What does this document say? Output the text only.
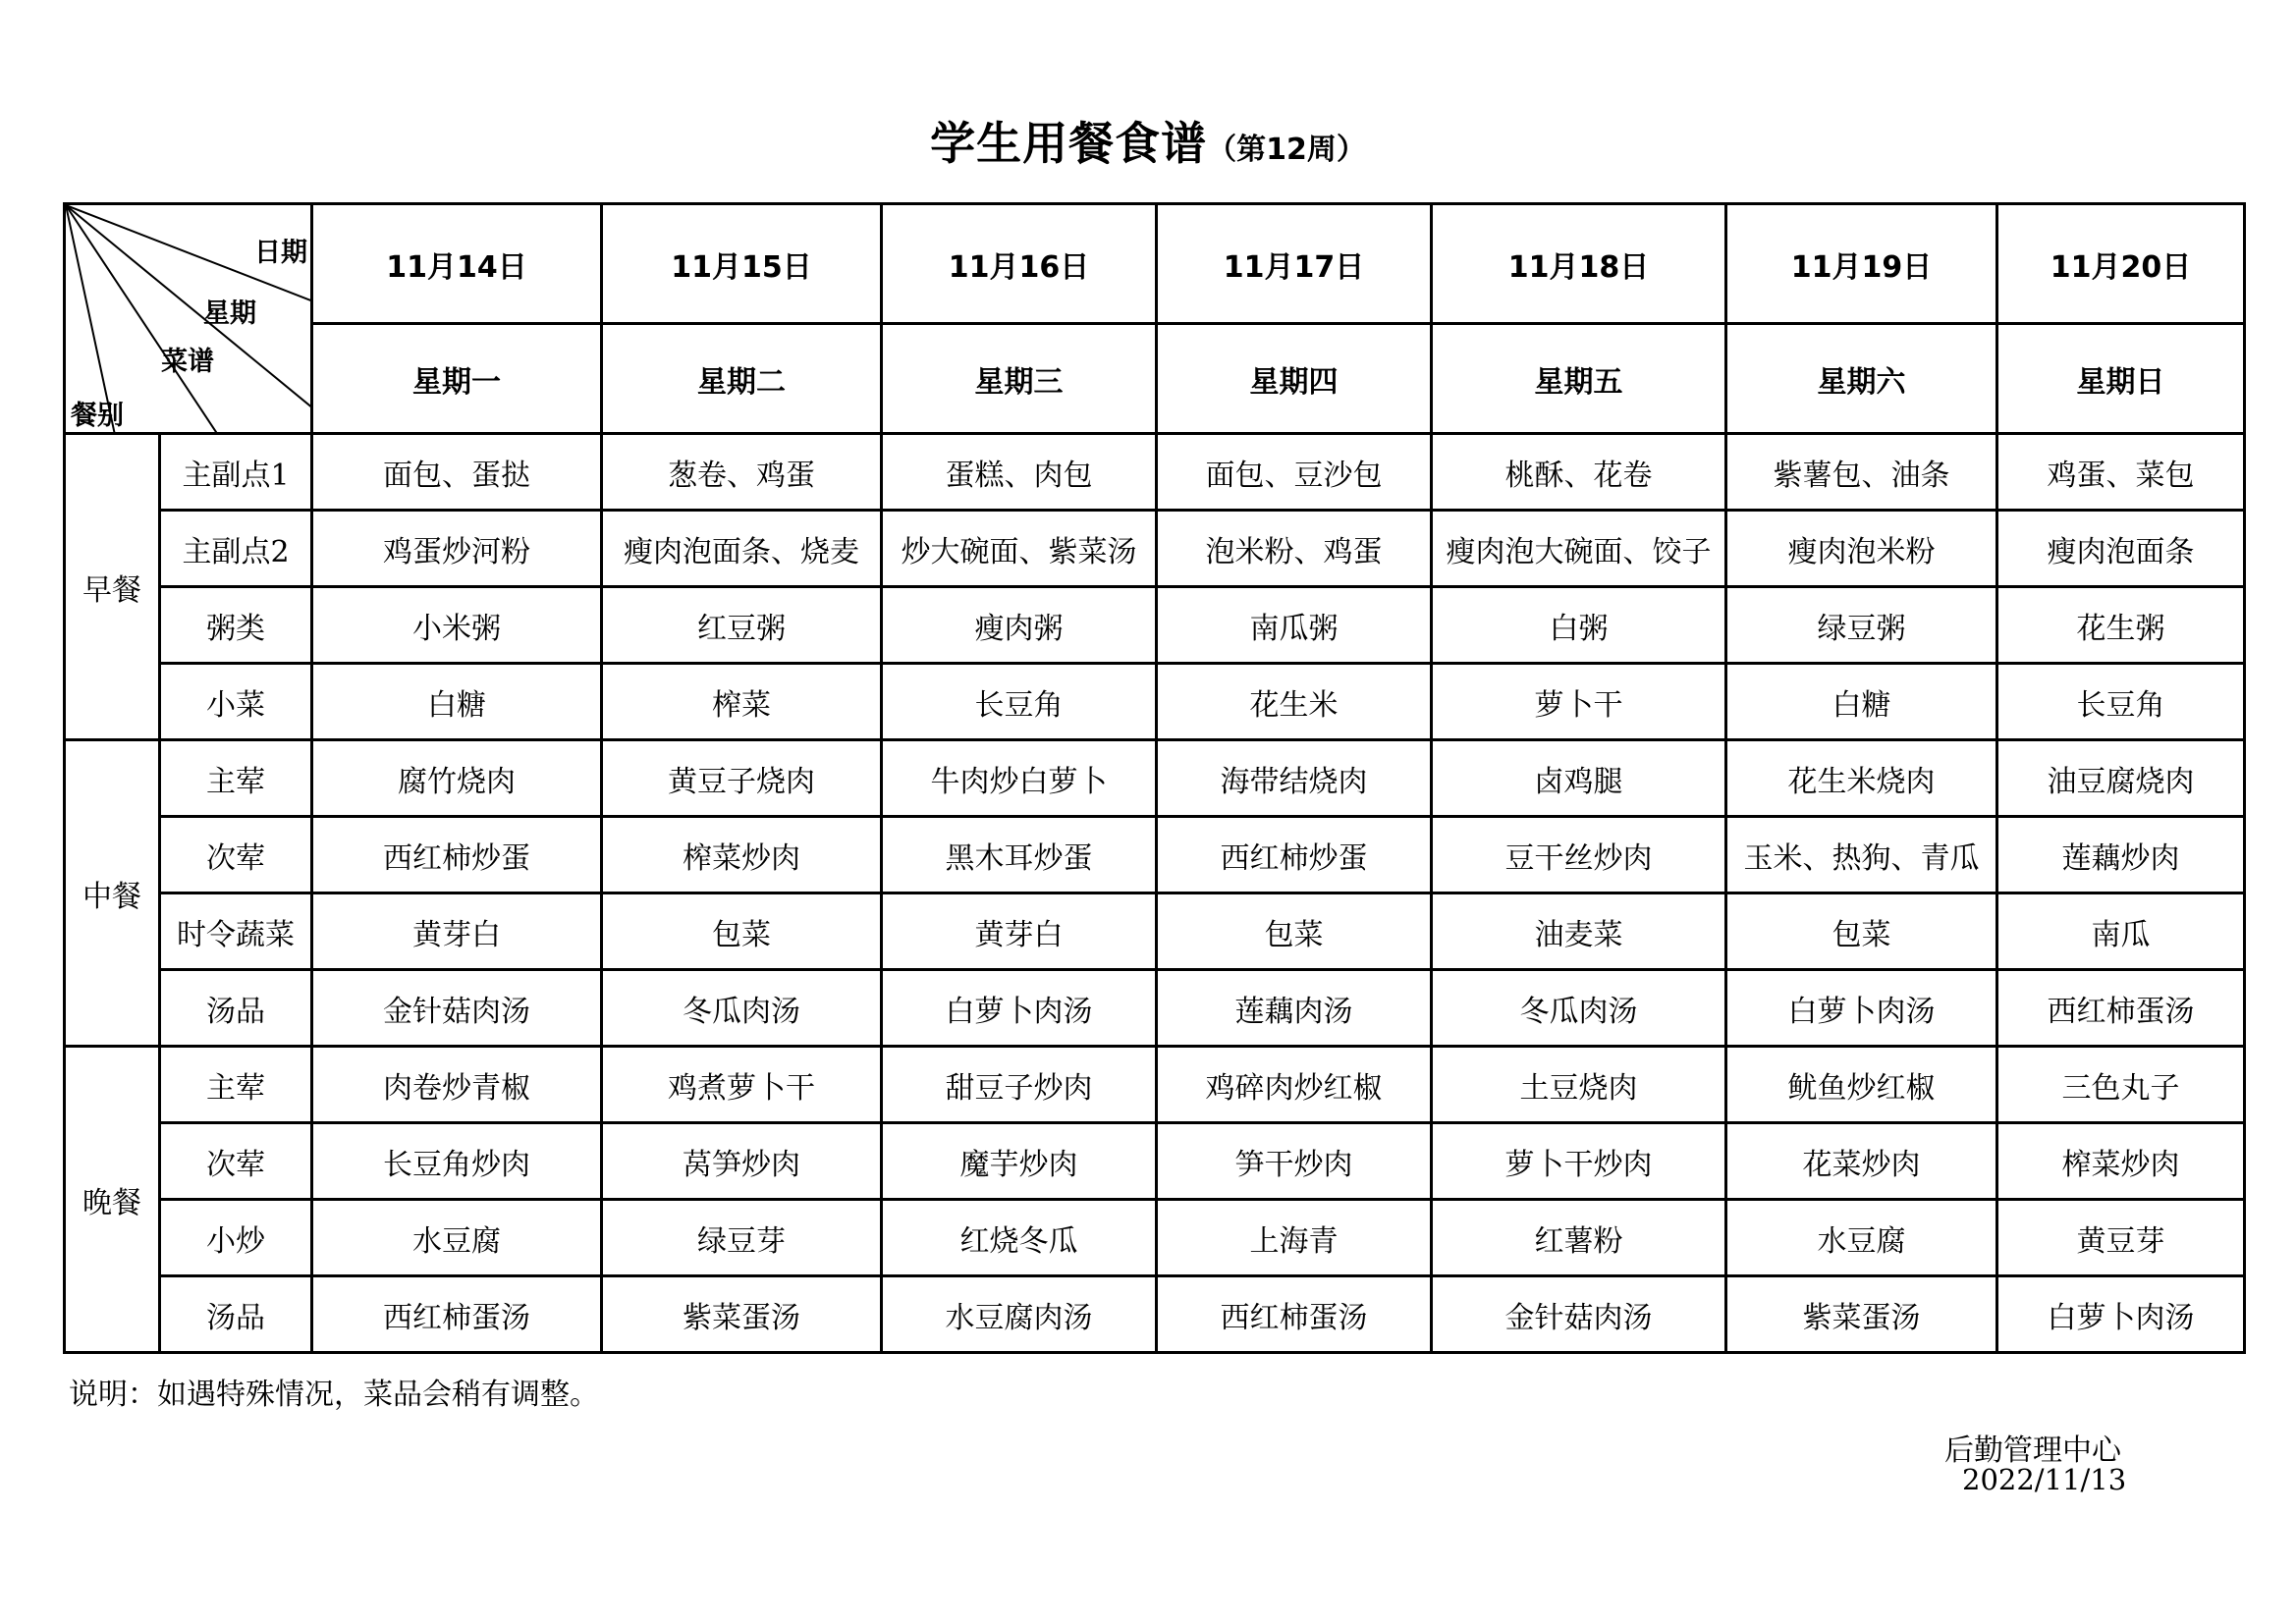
学生用餐食谱（第12周）
日期
星期
菜谱
餐别		11月14日	11月15日	11月16日	11月17日	11月18日	11月19日	11月20日
		星期一	星期二	星期三	星期四	星期五	星期六	星期日
早餐	主副点1	面包、蛋挞	葱卷、鸡蛋	蛋糕、肉包	面包、豆沙包	桃酥、花卷	紫薯包、油条	鸡蛋、菜包
	主副点2	鸡蛋炒河粉	瘦肉泡面条、烧麦	炒大碗面、紫菜汤	泡米粉、鸡蛋	瘦肉泡大碗面、饺子	瘦肉泡米粉	瘦肉泡面条
	粥类	小米粥	红豆粥	瘦肉粥	南瓜粥	白粥	绿豆粥	花生粥
	小菜	白糖	榨菜	长豆角	花生米	萝卜干	白糖	长豆角
中餐	主荤	腐竹烧肉	黄豆子烧肉	牛肉炒白萝卜	海带结烧肉	卤鸡腿	花生米烧肉	油豆腐烧肉
	次荤	西红柿炒蛋	榨菜炒肉	黑木耳炒蛋	西红柿炒蛋	豆干丝炒肉	玉米、热狗、青瓜	莲藕炒肉
	时令蔬菜	黄芽白	包菜	黄芽白	包菜	油麦菜	包菜	南瓜
	汤品	金针菇肉汤	冬瓜肉汤	白萝卜肉汤	莲藕肉汤	冬瓜肉汤	白萝卜肉汤	西红柿蛋汤
晚餐	主荤	肉卷炒青椒	鸡煮萝卜干	甜豆子炒肉	鸡碎肉炒红椒	土豆烧肉	鱿鱼炒红椒	三色丸子
	次荤	长豆角炒肉	莴笋炒肉	魔芋炒肉	笋干炒肉	萝卜干炒肉	花菜炒肉	榨菜炒肉
	小炒	水豆腐	绿豆芽	红烧冬瓜	上海青	红薯粉	水豆腐	黄豆芽
	汤品	西红柿蛋汤	紫菜蛋汤	水豆腐肉汤	西红柿蛋汤	金针菇肉汤	紫菜蛋汤	白萝卜肉汤
说明：如遇特殊情况，菜品会稍有调整。
后勤管理中心
2022/11/13
